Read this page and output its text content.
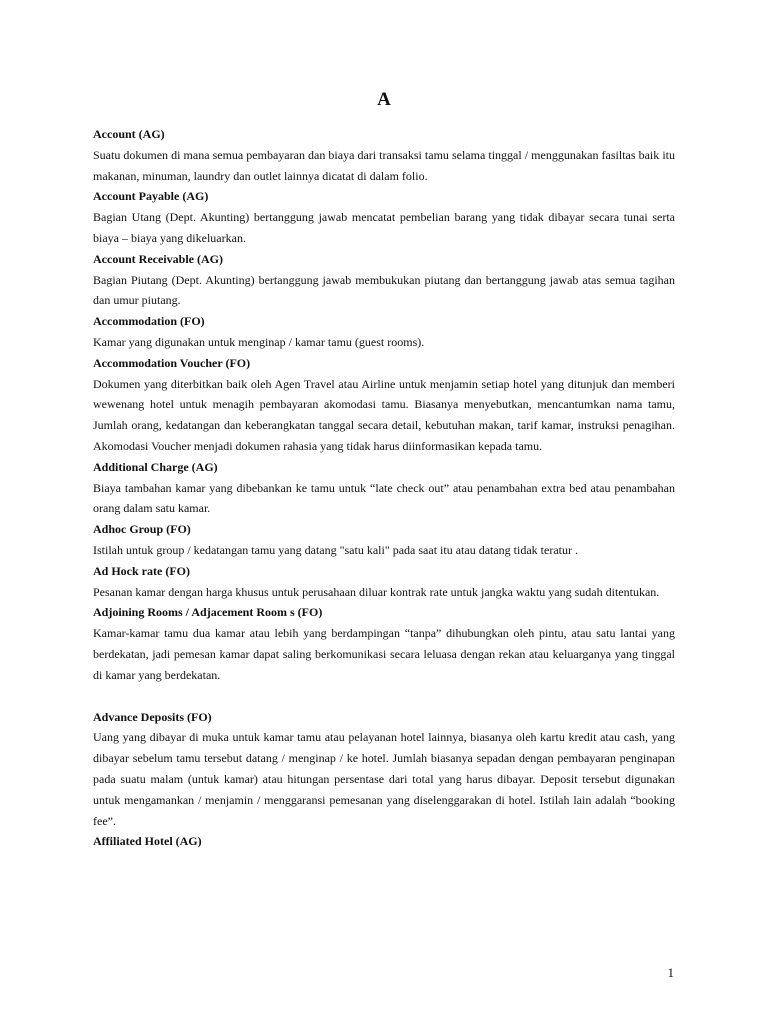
A

Account (AG)

Suatu dokumen di mana semua pembayaran dan biaya dari transaksi tamu selama tinggal / menggunakan fasiltas baik itu makanan, minuman, laundry dan outlet lainnya dicatat di dalam folio.

Account Payable (AG)

Bagian Utang (Dept. Akunting) bertanggung jawab mencatat pembelian barang yang tidak dibayar secara tunai serta biaya – biaya yang dikeluarkan.

Account Receivable (AG)

Bagian Piutang (Dept. Akunting) bertanggung jawab membukukan piutang dan bertanggung jawab atas semua tagihan dan umur piutang.

Accommodation (FO)

Kamar yang digunakan untuk menginap / kamar tamu (guest rooms).

Accommodation Voucher (FO)

Dokumen yang diterbitkan baik oleh Agen Travel atau Airline untuk menjamin setiap hotel yang ditunjuk dan memberi wewenang hotel untuk menagih pembayaran akomodasi tamu. Biasanya menyebutkan, mencantumkan nama tamu, Jumlah orang, kedatangan dan keberangkatan tanggal secara detail, kebutuhan makan, tarif kamar, instruksi penagihan. Akomodasi Voucher menjadi dokumen rahasia yang tidak harus diinformasikan kepada tamu.

Additional Charge (AG)

Biaya tambahan kamar yang dibebankan ke tamu untuk “late check out” atau penambahan extra bed atau penambahan orang dalam satu kamar.

Adhoc Group (FO)

Istilah untuk group / kedatangan tamu yang datang "satu kali" pada saat itu atau datang tidak teratur .

Ad Hock rate (FO)

Pesanan kamar dengan harga khusus untuk perusahaan diluar kontrak rate untuk jangka waktu yang sudah ditentukan.

Adjoining Rooms / Adjacement Room s (FO)

Kamar-kamar tamu dua kamar atau lebih yang berdampingan “tanpa” dihubungkan oleh pintu, atau satu lantai yang berdekatan, jadi pemesan kamar dapat saling berkomunikasi secara leluasa dengan rekan atau keluarganya yang tinggal di kamar yang berdekatan.

Advance Deposits (FO)

Uang yang dibayar di muka untuk kamar tamu atau pelayanan hotel lainnya, biasanya oleh kartu kredit atau cash, yang dibayar sebelum tamu tersebut datang / menginap / ke hotel. Jumlah biasanya sepadan dengan pembayaran penginapan pada suatu malam (untuk kamar) atau hitungan persentase dari total yang harus dibayar. Deposit tersebut digunakan untuk mengamankan / menjamin / menggaransi pemesanan yang diselenggarakan di hotel. Istilah lain adalah “booking fee”.

Affiliated Hotel (AG)

1
